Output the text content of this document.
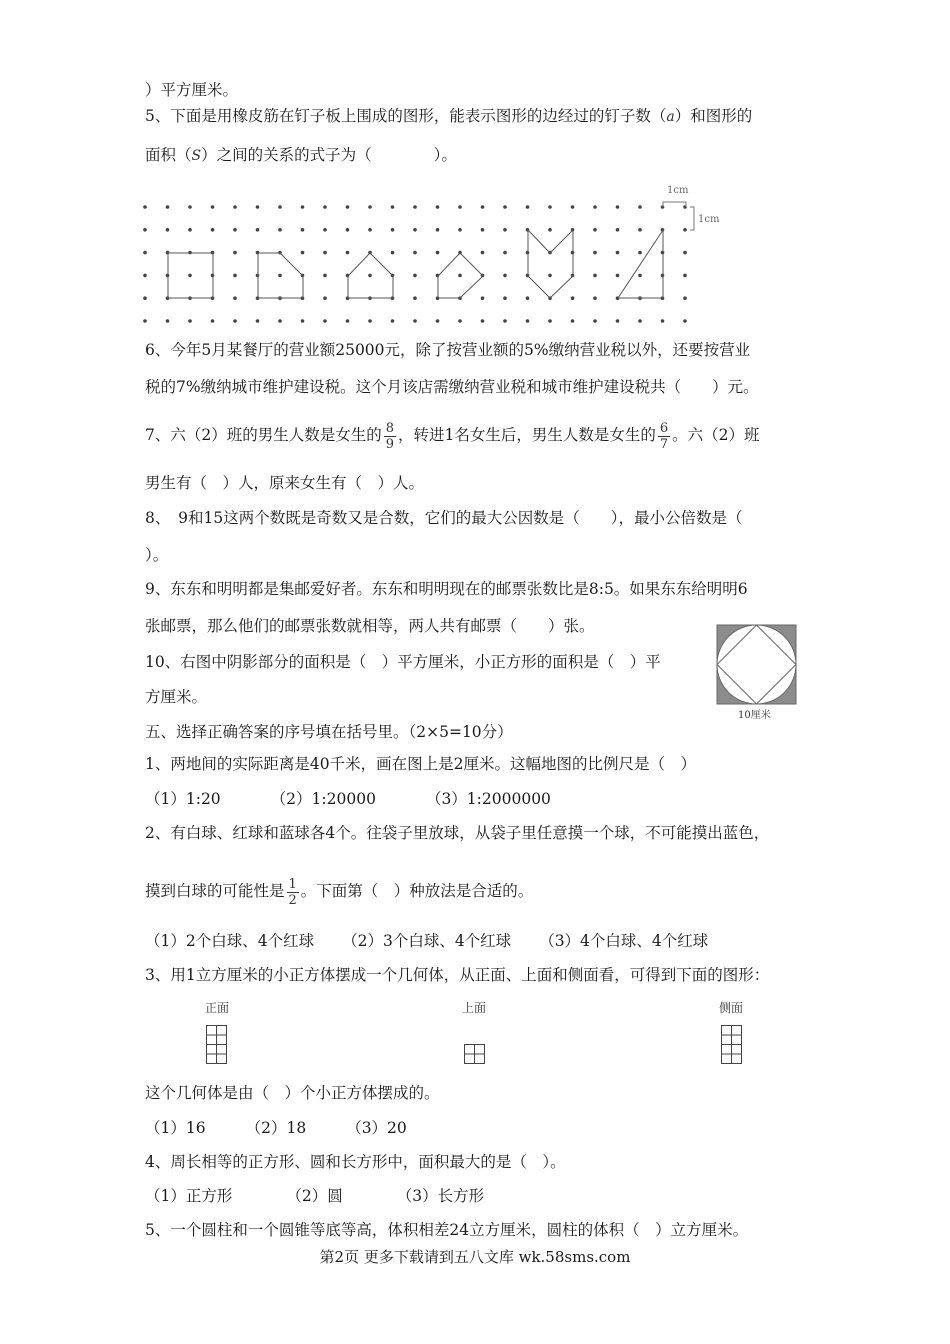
）平方厘米。
5、下面是用橡皮筋在钉子板上围成的图形，能表示图形的边经过的钉子数（a）和图形的
面积（S）之间的关系的式子为（　　　　）。
1cm
1cm
6、今年5月某餐厅的营业额25000元，除了按营业额的5%缴纳营业税以外，还要按营业
税的7%缴纳城市维护建设税。这个月该店需缴纳营业税和城市维护建设税共（　　）元。
7、六（2）班的男生人数是女生的 $\frac{8}{9}$ ，转进1名女生后，男生人数是女生的 $\frac{6}{7}$ 。六（2）班
男生有（　）人，原来女生有（　）人。
8、　9和15这两个数既是奇数又是合数，它们的最大公因数是（　　），最小公倍数是（
）。
9、东东和明明都是集邮爱好者。东东和明明现在的邮票张数比是8:5。如果东东给明明6
张邮票，那么他们的邮票张数就相等，两人共有邮票（　　）张。
10、右图中阴影部分的面积是（　）平方厘米，小正方形的面积是（　）平
方厘米。
10厘米
五、选择正确答案的序号填在括号里。（2×5=10分）
1、两地间的实际距离是40千米，画在图上是2厘米。这幅地图的比例尺是（　）
（1）1:20	（2）1:20000	（3）1:2000000
2、有白球、红球和蓝球各4个。往袋子里放球，从袋子里任意摸一个球，不可能摸出蓝色，
摸到白球的可能性是 $\frac{1}{2}$ 。下面第（　）种放法是合适的。
（1）2个白球、4个红球 （2）3个白球、4个红球 （3）4个白球、4个红球
3、用1立方厘米的小正方体摆成一个几何体，从正面、上面和侧面看，可得到下面的图形：
正面	上面	侧面
这个几何体是由（　）个小正方体摆成的。
（1）16	（2）18	（3）20
4、周长相等的正方形、圆和长方形中，面积最大的是（　）。
（1）正方形	（2）圆	（3）长方形
5、一个圆柱和一个圆锥等底等高，体积相差24立方厘米，圆柱的体积（　）立方厘米。
第2页 更多下载请到五八文库 wk.58sms.com
